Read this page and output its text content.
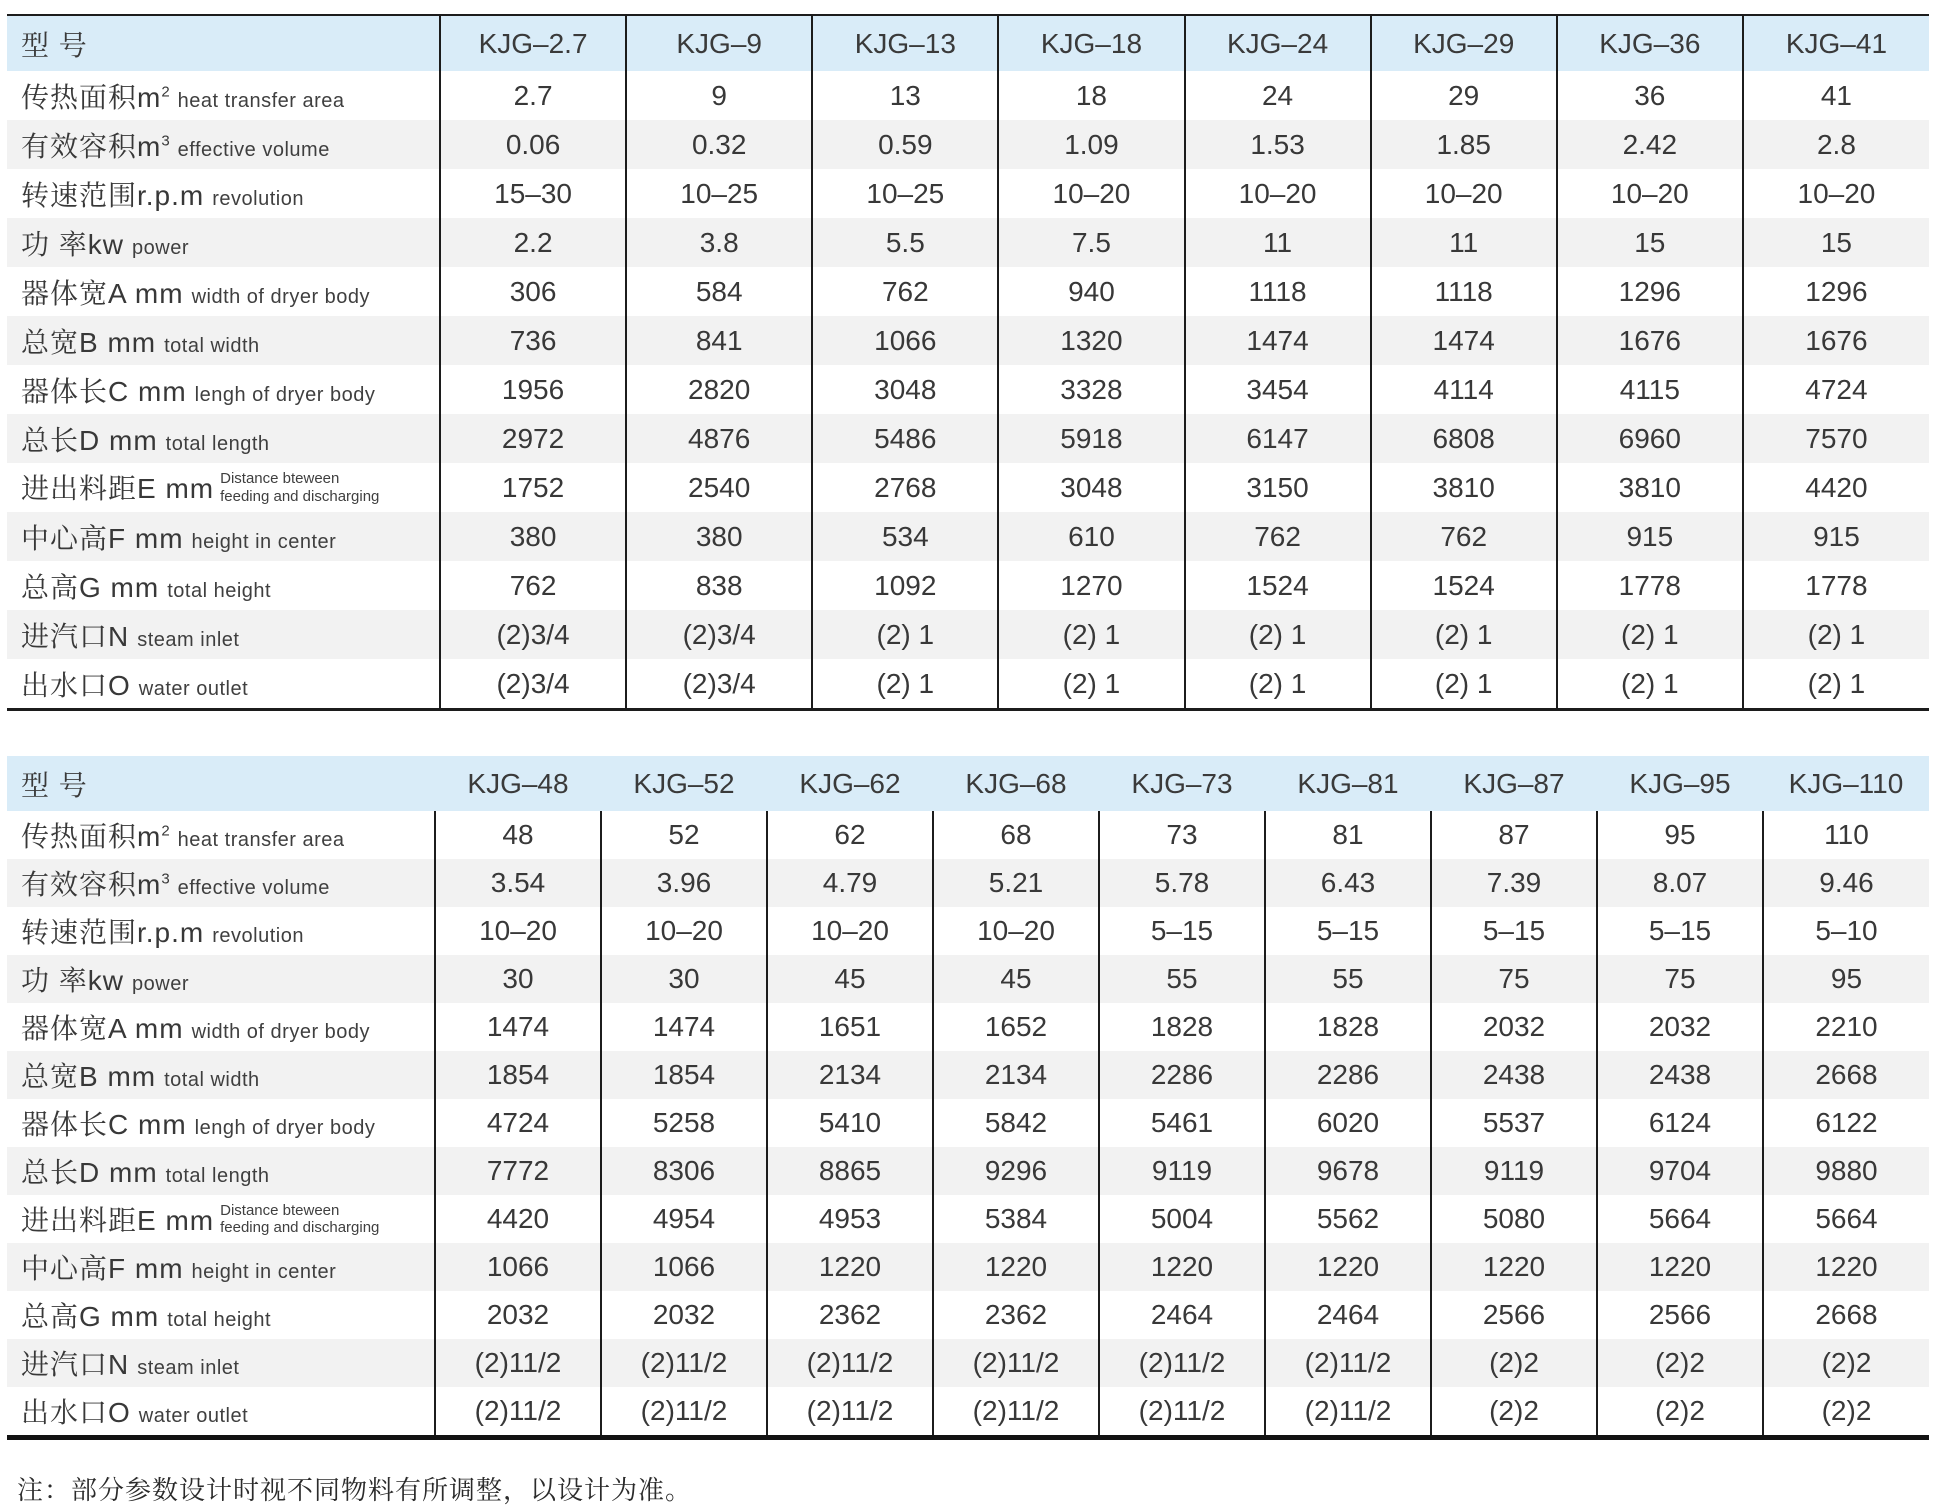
型 号	KJG–2.7	KJG–9	KJG–13	KJG–18	KJG–24	KJG–29	KJG–36	KJG–41
传热面积$m^2$ heat transfer area	2.7	9	13	18	24	29	36	41
有效容积$m^3$ effective volume	0.06	0.32	0.59	1.09	1.53	1.85	2.42	2.8
转速范围r.p.m revolution	15–30	10–25	10–25	10–20	10–20	10–20	10–20	10–20
功 率kw power	2.2	3.8	5.5	7.5	11	11	15	15
器体宽A mm width of dryer body	306	584	762	940	1118	1118	1296	1296
总宽B mm total width	736	841	1066	1320	1474	1474	1676	1676
器体长C mm lengh of dryer body	1956	2820	3048	3328	3454	4114	4115	4724
总长D mm total length	2972	4876	5486	5918	6147	6808	6960	7570
进出料距E mm Distance bteween
feeding and discharging	1752	2540	2768	3048	3150	3810	3810	4420
中心高F mm height in center	380	380	534	610	762	762	915	915
总高G mm total height	762	838	1092	1270	1524	1524	1778	1778
进汽口N steam inlet	(2)3/4	(2)3/4	(2) 1	(2) 1	(2) 1	(2) 1	(2) 1	(2) 1
出水口O water outlet	(2)3/4	(2)3/4	(2) 1	(2) 1	(2) 1	(2) 1	(2) 1	(2) 1
型 号	KJG–48	KJG–52	KJG–62	KJG–68	KJG–73	KJG–81	KJG–87	KJG–95	KJG–110
传热面积$m^2$ heat transfer area	48	52	62	68	73	81	87	95	110
有效容积$m^3$ effective volume	3.54	3.96	4.79	5.21	5.78	6.43	7.39	8.07	9.46
转速范围r.p.m revolution	10–20	10–20	10–20	10–20	5–15	5–15	5–15	5–15	5–10
功 率kw power	30	30	45	45	55	55	75	75	95
器体宽A mm width of dryer body	1474	1474	1651	1652	1828	1828	2032	2032	2210
总宽B mm total width	1854	1854	2134	2134	2286	2286	2438	2438	2668
器体长C mm lengh of dryer body	4724	5258	5410	5842	5461	6020	5537	6124	6122
总长D mm total length	7772	8306	8865	9296	9119	9678	9119	9704	9880
进出料距E mm Distance bteween
feeding and discharging	4420	4954	4953	5384	5004	5562	5080	5664	5664
中心高F mm height in center	1066	1066	1220	1220	1220	1220	1220	1220	1220
总高G mm total height	2032	2032	2362	2362	2464	2464	2566	2566	2668
进汽口N steam inlet	(2)11/2	(2)11/2	(2)11/2	(2)11/2	(2)11/2	(2)11/2	(2)2	(2)2	(2)2
出水口O water outlet	(2)11/2	(2)11/2	(2)11/2	(2)11/2	(2)11/2	(2)11/2	(2)2	(2)2	(2)2
注：部分参数设计时视不同物料有所调整，以设计为准。
